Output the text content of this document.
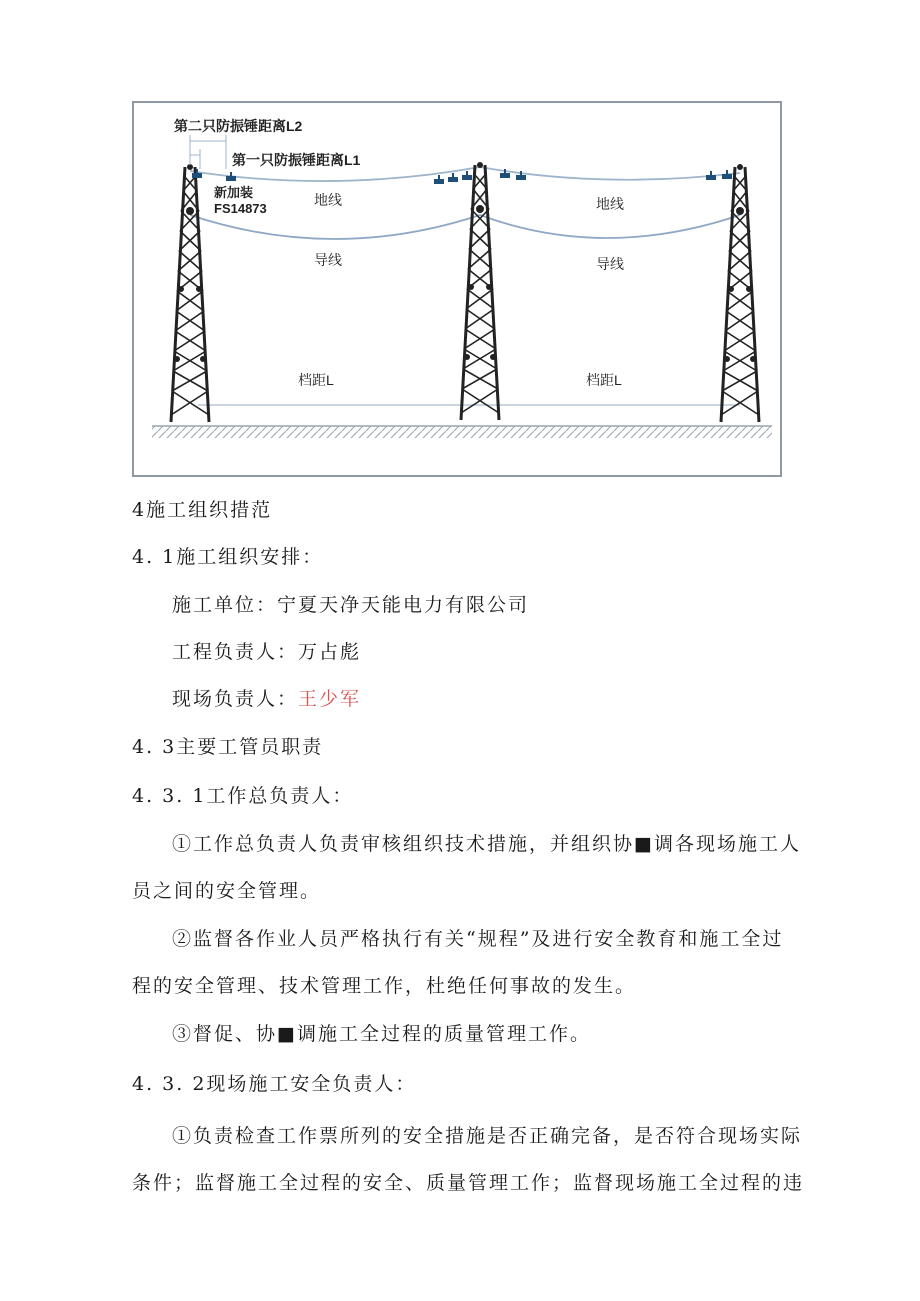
第二只防振锤距离L2
第一只防振锤距离L1
新加装
FS14873
地线	地线
导线	导线
档距L	档距L
4施工组织措范
4. 1施工组织安排：
施工单位：宁夏天净天能电力有限公司
工程负责人：万占彪
现场负责人：王少军
4. 3主要工管员职责
4. 3. 1工作总负责人：
①工作总负责人负责审核组织技术措施，并组织协■调各现场施工人
员之间的安全管理。
②监督各作业人员严格执行有关“规程”及进行安全教育和施工全过
程的安全管理、技术管理工作，杜绝任何事故的发生。
③督促、协■调施工全过程的质量管理工作。
4. 3. 2现场施工安全负责人：
①负责检查工作票所列的安全措施是否正确完备，是否符合现场实际
条件；监督施工全过程的安全、质量管理工作；监督现场施工全过程的违
